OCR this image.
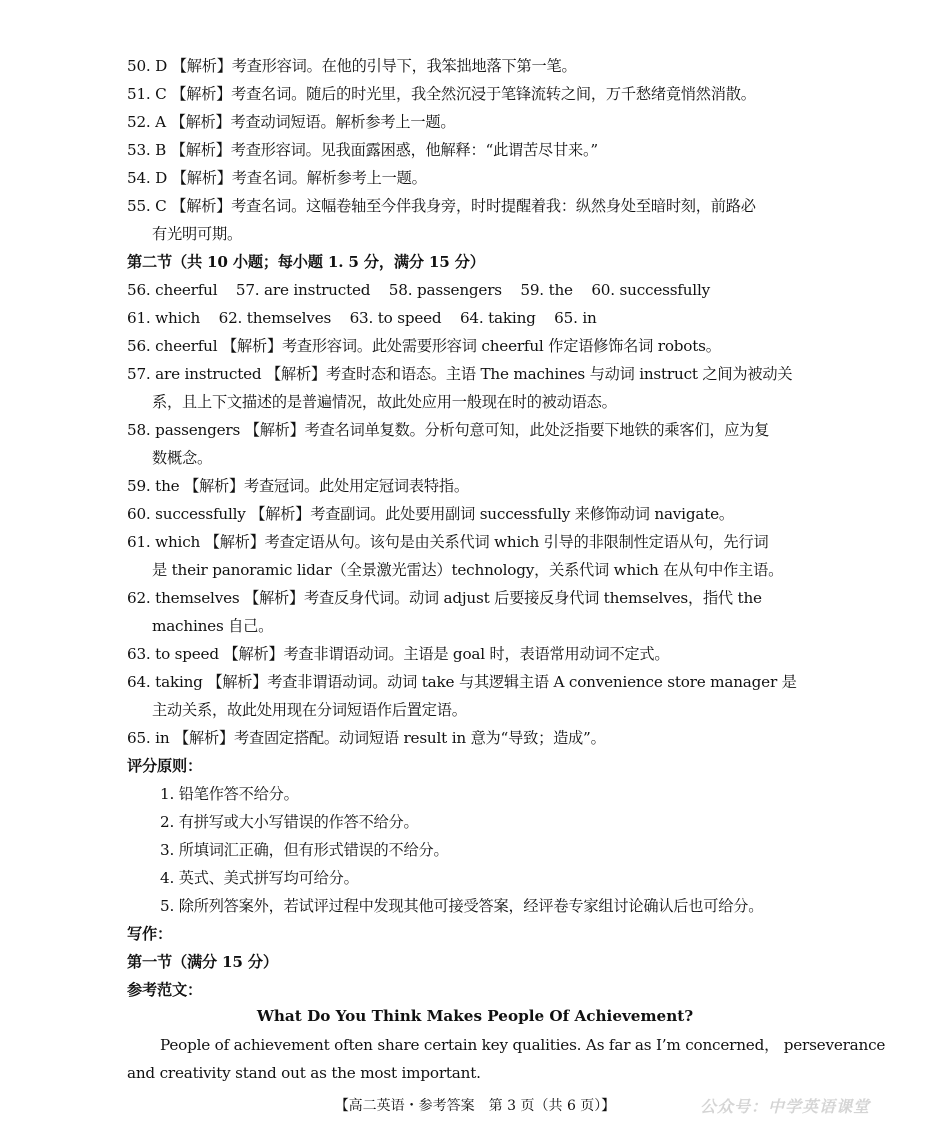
50. D 【解析】考查形容词。在他的引导下，我笨拙地落下第一笔。
51. C 【解析】考查名词。随后的时光里，我全然沉浸于笔锋流转之间，万千愁绪竟悄然消散。
52. A 【解析】考查动词短语。解析参考上一题。
53. B 【解析】考查形容词。见我面露困惑，他解释：“此谓苦尽甘来。”
54. D 【解析】考查名词。解析参考上一题。
55. C 【解析】考查名词。这幅卷轴至今伴我身旁，时时提醒着我：纵然身处至暗时刻，前路必
有光明可期。
第二节（共 10 小题；每小题 1. 5 分，满分 15 分）
56. cheerful    57. are instructed    58. passengers    59. the    60. successfully
61. which    62. themselves    63. to speed    64. taking    65. in
56. cheerful 【解析】考查形容词。此处需要形容词 cheerful 作定语修饰名词 robots。
57. are instructed 【解析】考查时态和语态。主语 The machines 与动词 instruct 之间为被动关
系，且上下文描述的是普遍情况，故此处应用一般现在时的被动语态。
58. passengers 【解析】考查名词单复数。分析句意可知，此处泛指要下地铁的乘客们，应为复
数概念。
59. the 【解析】考查冠词。此处用定冠词表特指。
60. successfully 【解析】考查副词。此处要用副词 successfully 来修饰动词 navigate。
61. which 【解析】考查定语从句。该句是由关系代词 which 引导的非限制性定语从句，先行词
是 their panoramic lidar（全景激光雷达）technology，关系代词 which 在从句中作主语。
62. themselves 【解析】考查反身代词。动词 adjust 后要接反身代词 themselves，指代 the
machines 自己。
63. to speed 【解析】考查非谓语动词。主语是 goal 时，表语常用动词不定式。
64. taking 【解析】考查非谓语动词。动词 take 与其逻辑主语 A convenience store manager 是
主动关系，故此处用现在分词短语作后置定语。
65. in 【解析】考查固定搭配。动词短语 result in 意为“导致；造成”。
评分原则：
1. 铅笔作答不给分。
2. 有拼写或大小写错误的作答不给分。
3. 所填词汇正确，但有形式错误的不给分。
4. 英式、美式拼写均可给分。
5. 除所列答案外，若试评过程中发现其他可接受答案，经评卷专家组讨论确认后也可给分。
写作：
第一节（满分 15 分）
参考范文：
What Do You Think Makes People Of Achievement?
People of achievement often share certain key qualities. As far as I’m concerned， perseverance
and creativity stand out as the most important.
【高二英语・参考答案　第 3 页（共 6 页）】	公众号：中学英语课堂
